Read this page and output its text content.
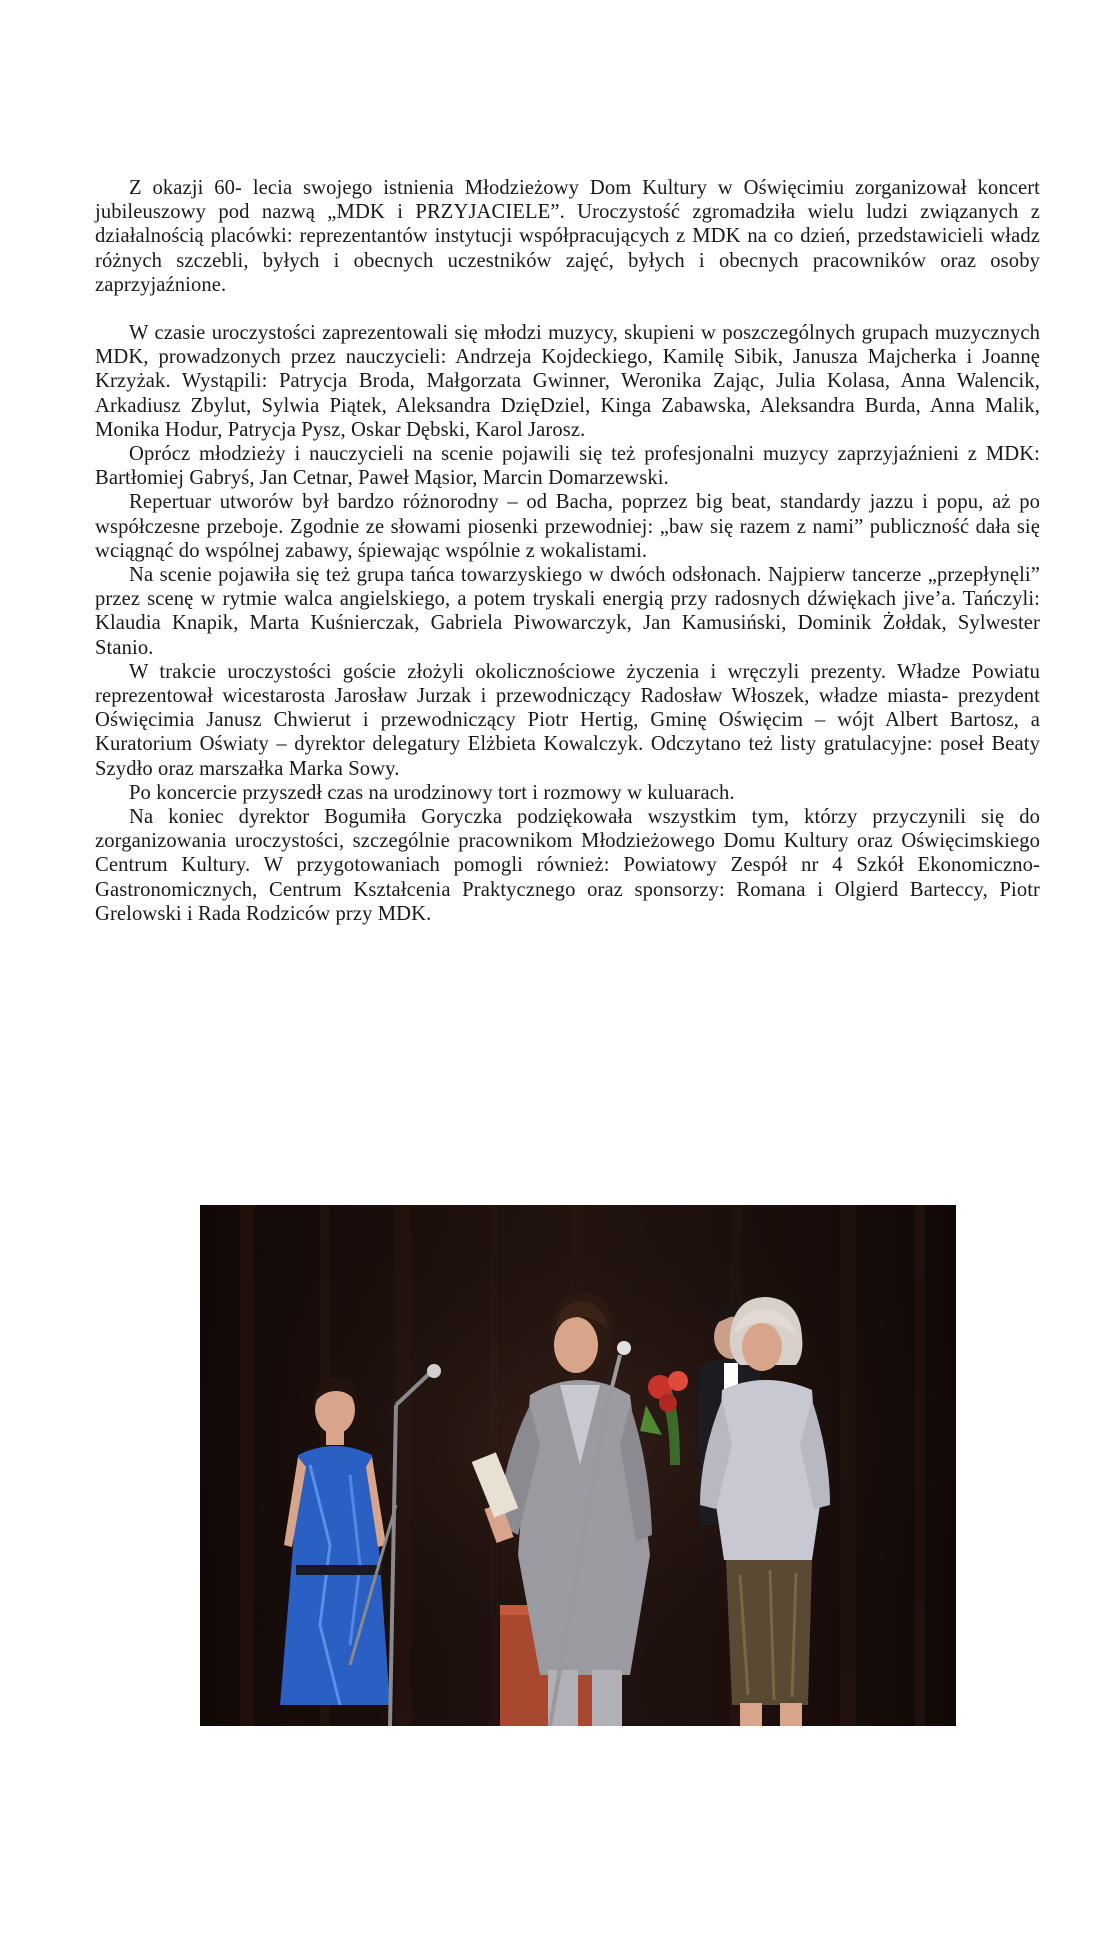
Z okazji 60- lecia swojego istnienia Młodzieżowy Dom Kultury w Oświęcimiu zorganizował koncert jubileuszowy pod nazwą „MDK i PRZYJACIELE”. Uroczystość zgromadziła wielu ludzi związanych z działalnością placówki: reprezentantów instytucji współpracujących z MDK na co dzień, przedstawicieli władz różnych szczebli, byłych i obecnych uczestników zajęć, byłych i obecnych pracowników oraz osoby zaprzyjaźnione.

W czasie uroczystości zaprezentowali się młodzi muzycy, skupieni w poszczególnych grupach muzycznych MDK, prowadzonych przez nauczycieli: Andrzeja Kojdeckiego, Kamilę Sibik, Janusza Majcherka i Joannę Krzyżak. Wystąpili: Patrycja Broda, Małgorzata Gwinner, Weronika Zając, Julia Kolasa, Anna Walencik, Arkadiusz Zbylut, Sylwia Piątek, Aleksandra DzięDziel, Kinga Zabawska, Aleksandra Burda, Anna Malik, Monika Hodur, Patrycja Pysz, Oskar Dębski, Karol Jarosz.

Oprócz młodzieży i nauczycieli na scenie pojawili się też profesjonalni muzycy zaprzyjaźnieni z MDK: Bartłomiej Gabryś, Jan Cetnar, Paweł Mąsior, Marcin Domarzewski.

Repertuar utworów był bardzo różnorodny – od Bacha, poprzez big beat, standardy jazzu i popu, aż po współczesne przeboje. Zgodnie ze słowami piosenki przewodniej: „baw się razem z nami” publiczność dała się wciągnąć do wspólnej zabawy, śpiewając wspólnie z wokalistami.

Na scenie pojawiła się też grupa tańca towarzyskiego w dwóch odsłonach. Najpierw tancerze „przepłynęli” przez scenę w rytmie walca angielskiego, a potem tryskali energią przy radosnych dźwiękach jive’a. Tańczyli: Klaudia Knapik, Marta Kuśnierczak, Gabriela Piwowarczyk, Jan Kamusiński, Dominik Żołdak, Sylwester Stanio.

W trakcie uroczystości goście złożyli okolicznościowe życzenia i wręczyli prezenty. Władze Powiatu reprezentował wicestarosta Jarosław Jurzak i przewodniczący Radosław Włoszek, władze miasta- prezydent Oświęcimia Janusz Chwierut i przewodniczący Piotr Hertig, Gminę Oświęcim – wójt Albert Bartosz, a Kuratorium Oświaty – dyrektor delegatury Elżbieta Kowalczyk. Odczytano też listy gratulacyjne: poseł Beaty Szydło oraz marszałka Marka Sowy.

Po koncercie przyszedł czas na urodzinowy tort i rozmowy w kuluarach.

Na koniec dyrektor Bogumiła Goryczka podziękowała wszystkim tym, którzy przyczynili się do zorganizowania uroczystości, szczególnie pracownikom Młodzieżowego Domu Kultury oraz Oświęcimskiego Centrum Kultury. W przygotowaniach pomogli również: Powiatowy Zespół nr 4 Szkół Ekonomiczno- Gastronomicznych, Centrum Kształcenia Praktycznego oraz sponsorzy: Romana i Olgierd Barteccy, Piotr Grelowski i Rada Rodziców przy MDK.
